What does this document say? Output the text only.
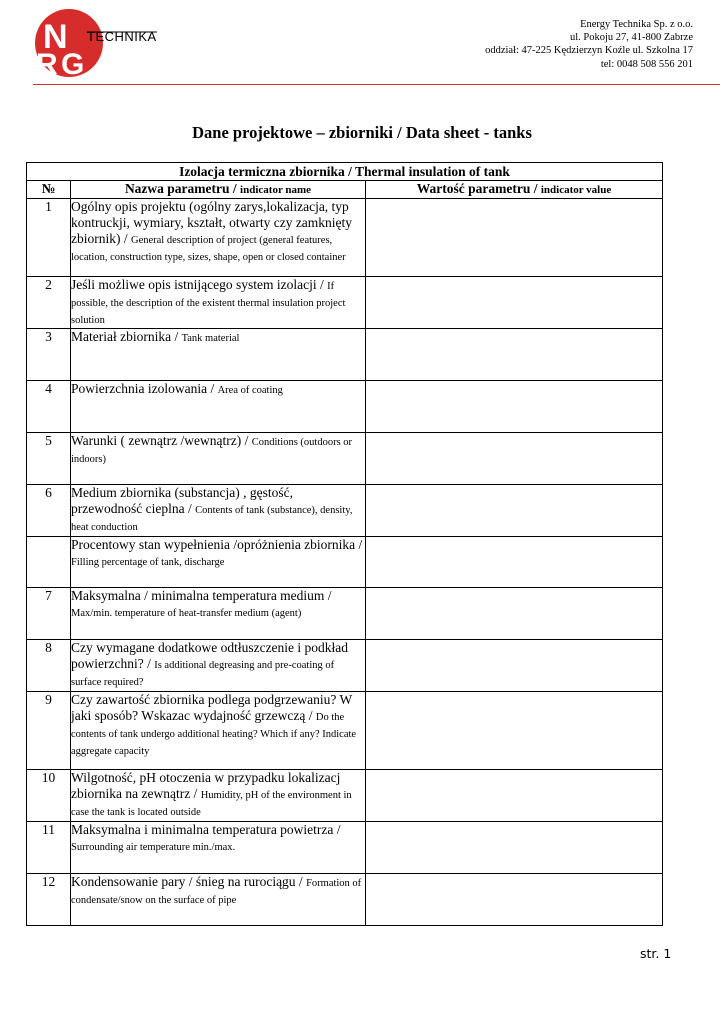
N
R G
TECHNIKA
Energy Technika Sp. z o.o.
ul. Pokoju 27, 41-800 Zabrze
oddział: 47-225 Kędzierzyn Koźle ul. Szkolna 17
tel: 0048 508 556 201
Dane projektowe – zbiorniki / Data sheet - tanks
Izolacja termiczna zbiornika / Thermal insulation of tank		
№	Nazwa parametru / indicator name	Wartość parametru / indicator value
1	Ogólny opis projektu (ogólny zarys,lokalizacja, typ kontruckji, wymiary, kształt, otwarty czy zamknięty zbiornik) / General description of project (general features, location, construction type, sizes, shape, open or closed container	
2	Jeśli możliwe opis istnijącego system izolacji / If possible, the description of the existent thermal insulation project solution	
3	Materiał zbiornika / Tank material	
4	Powierzchnia izolowania / Area of coating	
5	Warunki ( zewnątrz /wewnątrz) / Conditions (outdoors or indoors)	
6	Medium zbiornika (substancja) , gęstość, przewodność cieplna / Contents of tank (substance), density, heat conduction	
	Procentowy stan wypełnienia /opróżnienia zbiornika / Filling percentage of tank, discharge	
7	Maksymalna / minimalna temperatura medium / Max/min. temperature of heat-transfer medium (agent)	
8	Czy wymagane dodatkowe odtłuszczenie i podkład powierzchni? / Is additional degreasing and pre-coating of surface required?	
9	Czy zawartość zbiornika podlega podgrzewaniu? W jaki sposób? Wskazac wydajność grzewczą / Do the contents of tank undergo additional heating? Which if any? Indicate aggregate capacity	
10	Wilgotność, pH otoczenia w przypadku lokalizacj zbiornika na zewnątrz / Humidity, pH of the environment in case the tank is located outside	
11	Maksymalna i minimalna temperatura powietrza / Surrounding air temperature min./max.	
12	Kondensowanie pary / śnieg na rurociągu / Formation of condensate/snow on the surface of pipe	
str. 1
